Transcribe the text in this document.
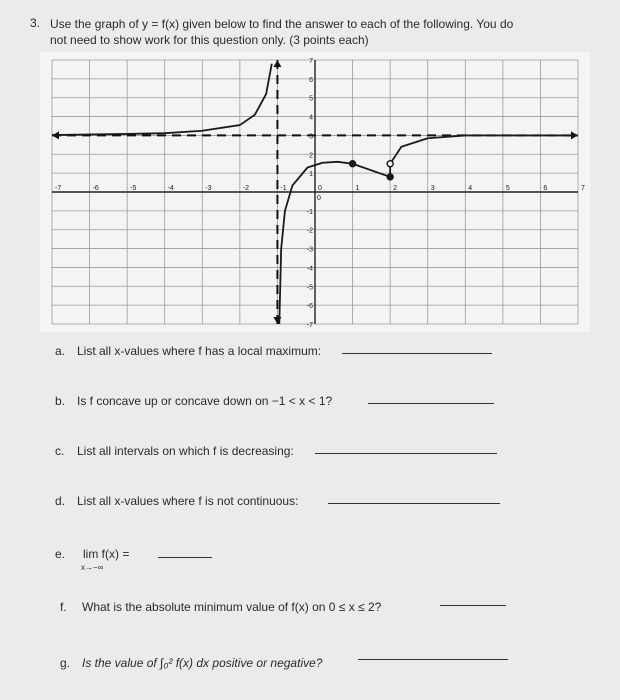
3. Use the graph of y = f(x) given below to find the answer to each of the following. You do
not need to show work for this question only. (3 points each)
-7	-6	-5	-4	-3	-2	-1	0	1	2	3	4	5	6	7
7
6
5
4
3
2
1
-1
-2
-3
-4
-5
-6
-7
0
a. List all x-values where f has a local maximum:
b. Is f concave up or concave down on −1 < x < 1?
c. List all intervals on which f is decreasing:
d. List all x-values where f is not continuous:
e. lim f(x) =
x→−∞
f. What is the absolute minimum value of f(x) on 0 ≤ x ≤ 2?
g. Is the value of ∫₀² f(x) dx positive or negative?
